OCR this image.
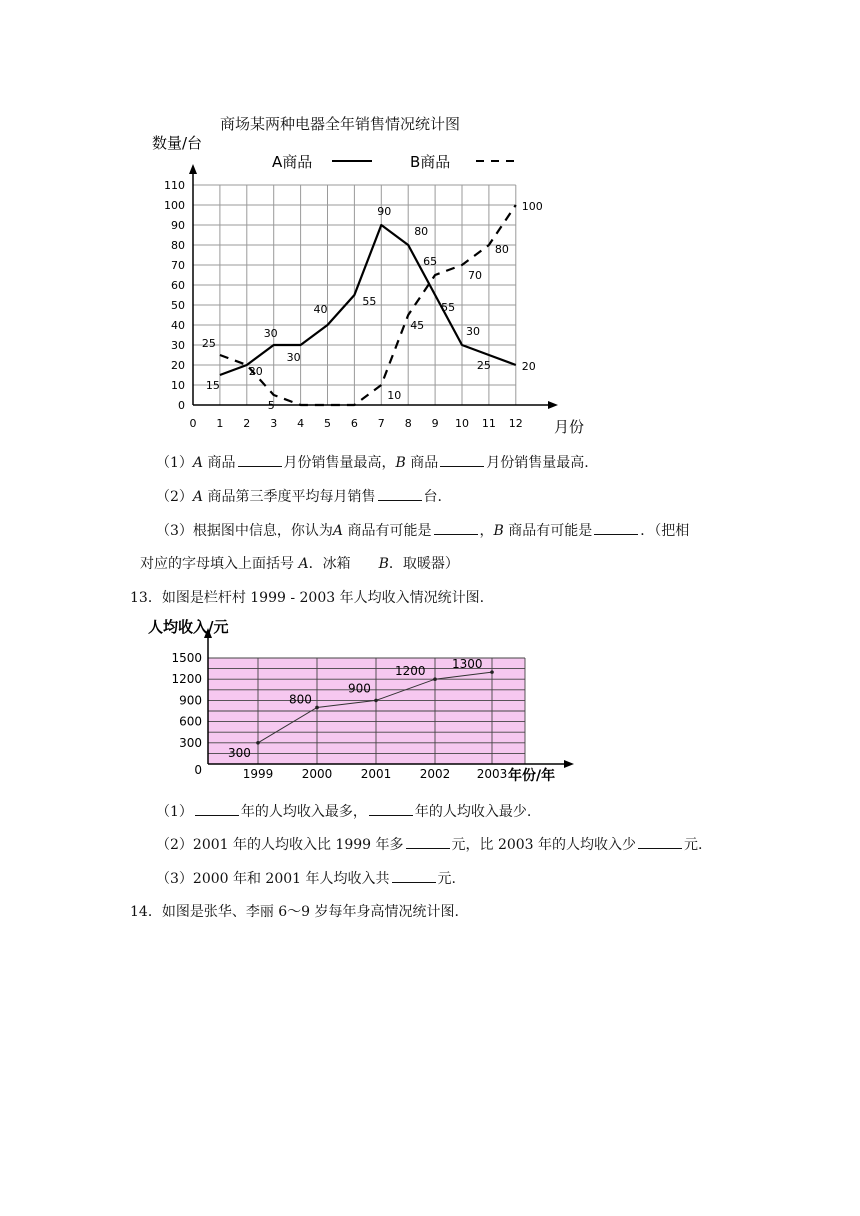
商场某两种电器全年销售情况统计图
数量/台
A商品	B商品
0
10
20
30
40
50
60
70
80
90
100
110
0 1 2 3 4 5 6 7 8 9 10 11 12
15
20
30
30
40
55
90
80
55
30
25	20
25
5
10
45
65
70
80
100
月份
（1）A 商品	月份销售量最高，B 商品	月份销售量最高.
（2）A 商品第三季度平均每月销售	台.
（3）根据图中信息，你认为A 商品有可能是	，B 商品有可能是	．（把相
对应的字母填入上面括号 A．冰箱　　B．取暖器）
13．如图是栏杆村 1999 - 2003 年人均收入情况统计图.
0
300
600
900
1200
1500
1999 2000 2001 2002 2003
300
800
900
1200
1300
人均收入/元
年份/年
（1）	年的人均收入最多，	年的人均收入最少.
（2）2001 年的人均收入比 1999 年多	元，比 2003 年的人均收入少	元.
（3）2000 年和 2001 年人均收入共	元.
14．如图是张华、李丽 6～9 岁每年身高情况统计图.
